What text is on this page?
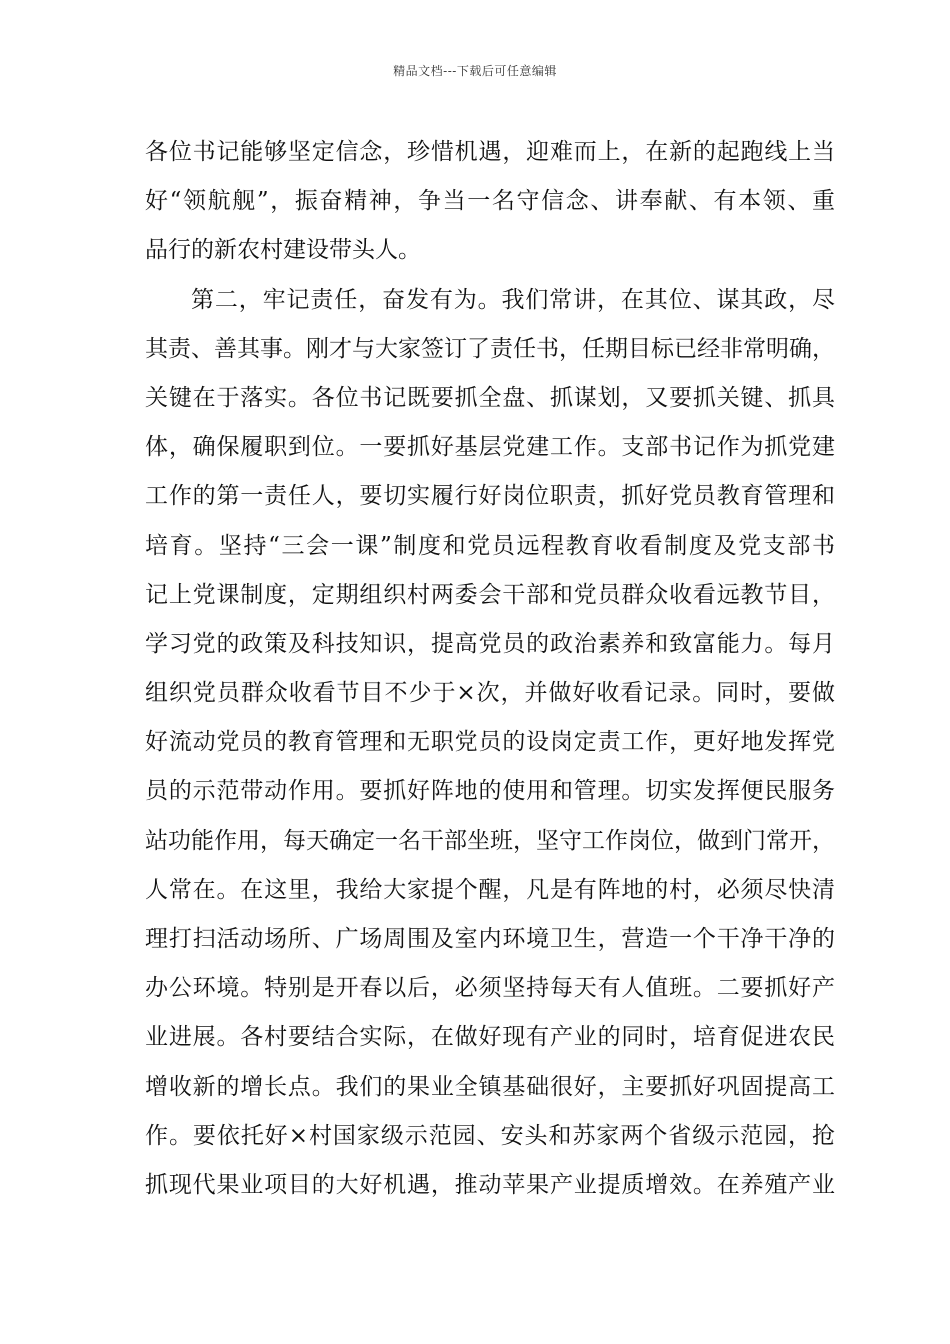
精品文档---下载后可任意编辑
各位书记能够坚定信念，珍惜机遇，迎难而上，在新的起跑线上当
好“领航舰”，振奋精神，争当一名守信念、讲奉献、有本领、重
品行的新农村建设带头人。
第二，牢记责任，奋发有为。我们常讲，在其位、谋其政，尽
其责、善其事。刚才与大家签订了责任书，任期目标已经非常明确，
关键在于落实。各位书记既要抓全盘、抓谋划，又要抓关键、抓具
体，确保履职到位。一要抓好基层党建工作。支部书记作为抓党建
工作的第一责任人，要切实履行好岗位职责，抓好党员教育管理和
培育。坚持“三会一课”制度和党员远程教育收看制度及党支部书
记上党课制度，定期组织村两委会干部和党员群众收看远教节目，
学习党的政策及科技知识，提高党员的政治素养和致富能力。每月
组织党员群众收看节目不少于×次，并做好收看记录。同时，要做
好流动党员的教育管理和无职党员的设岗定责工作，更好地发挥党
员的示范带动作用。要抓好阵地的使用和管理。切实发挥便民服务
站功能作用，每天确定一名干部坐班，坚守工作岗位，做到门常开，
人常在。在这里，我给大家提个醒，凡是有阵地的村，必须尽快清
理打扫活动场所、广场周围及室内环境卫生，营造一个干净干净的
办公环境。特别是开春以后，必须坚持每天有人值班。二要抓好产
业进展。各村要结合实际，在做好现有产业的同时，培育促进农民
增收新的增长点。我们的果业全镇基础很好，主要抓好巩固提高工
作。要依托好×村国家级示范园、安头和苏家两个省级示范园，抢
抓现代果业项目的大好机遇，推动苹果产业提质增效。在养殖产业
